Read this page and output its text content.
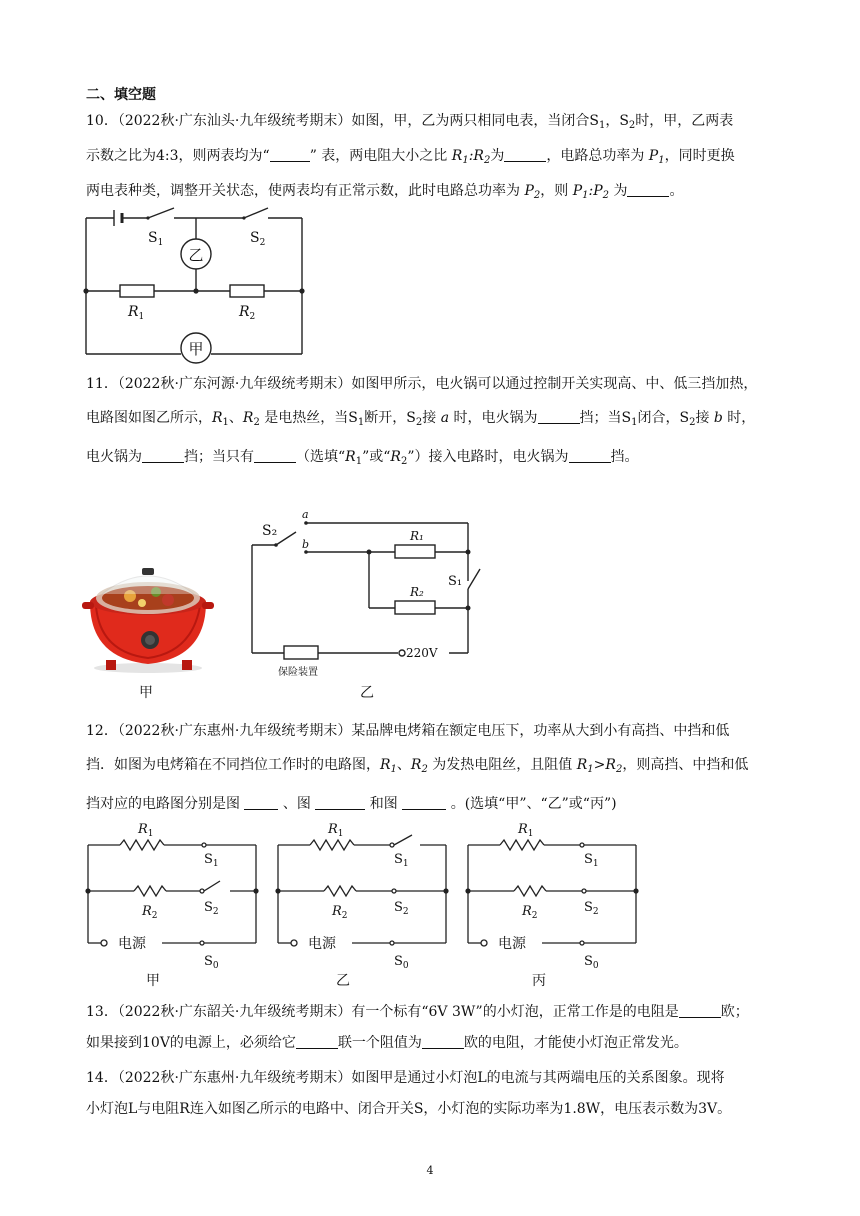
二、填空题
10．（2022秋·广东汕头·九年级统考期末）如图，甲，乙为两只相同电表，当闭合$S_1$，$S_2$时，甲，乙两表
示数之比为4:3，则两表均为“	” 表，两电阻大小之比 $R_1:R_2$为	，电路总功率为 $P_1$，同时更换
两电表种类，调整开关状态，使两表均有正常示数，此时电路总功率为 $P_2$，则 $P_1:P_2$ 为	。
乙
甲
$S_1$	$S_2$
$R_1$	$R_2$
11．（2022秋·广东河源·九年级统考期末）如图甲所示，电火锅可以通过控制开关实现高、中、低三挡加热，
电路图如图乙所示，$R_1$、$R_2$ 是电热丝，当$S_1$断开，$S_2$接 a 时，电火锅为	挡；当$S_1$闭合，$S_2$接 b 时，
电火锅为	挡；当只有	（选填“$R_1$”或“$R_2$”）接入电路时，电火锅为	挡。
S₂
a
b
R₁
R₂
S₁
220V
保险装置
甲	乙
12．（2022秋·广东惠州·九年级统考期末）某品牌电烤箱在额定电压下，功率从大到小有高挡、中挡和低
挡．如图为电烤箱在不同挡位工作时的电路图，$R_1$、$R_2$ 为发热电阻丝，且阻值 $R_1>R_2$，则高挡、中挡和低
挡对应的电路图分别是图  、图	和图	。(选填“甲”、“乙”或“丙”)
$R_1$
$S_1$
$R_2$
$S_2$
电源
$S_0$
$R_1$
$S_1$
$R_2$
$S_2$
电源
$S_0$
$R_1$
$S_1$
$R_2$
$S_2$
电源
$S_0$
甲	乙	丙
13．（2022秋·广东韶关·九年级统考期末）有一个标有“6V 3W”的小灯泡，正常工作是的电阻是	欧；
如果接到10V的电源上，必须给它	联一个阻值为	欧的电阻，才能使小灯泡正常发光。
14．（2022秋·广东惠州·九年级统考期末）如图甲是通过小灯泡L的电流与其两端电压的关系图象。现将
小灯泡L与电阻R连入如图乙所示的电路中、闭合开关S，小灯泡的实际功率为1.8W，电压表示数为3V。
4
